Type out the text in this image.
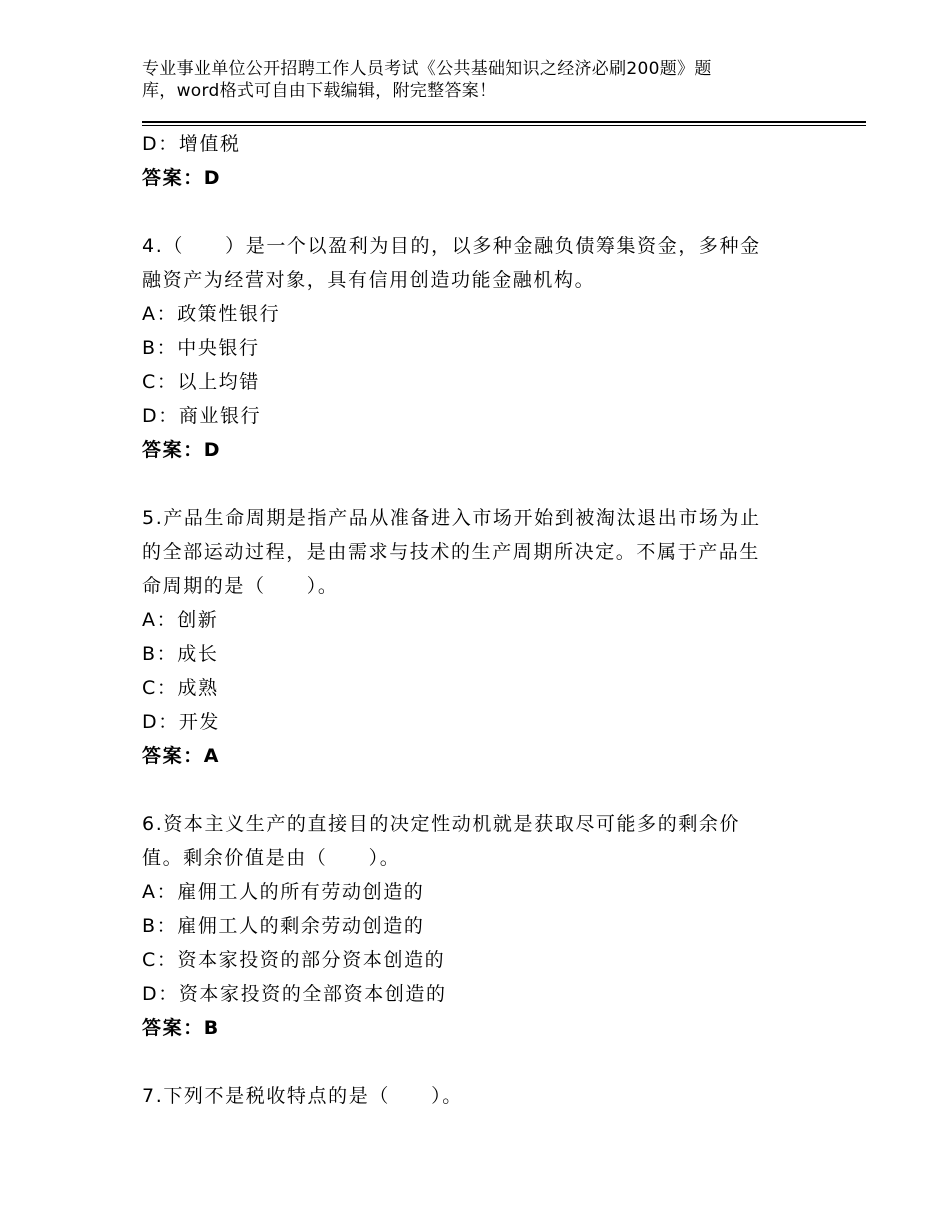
专业事业单位公开招聘工作人员考试《公共基础知识之经济必刷200题》题
库，word格式可自由下载编辑，附完整答案！
D：增值税
答案：D
4.（　　）是一个以盈利为目的，以多种金融负债筹集资金，多种金
融资产为经营对象，具有信用创造功能金融机构。
A：政策性银行
B：中央银行
C：以上均错
D：商业银行
答案：D
5.产品生命周期是指产品从准备进入市场开始到被淘汰退出市场为止
的全部运动过程，是由需求与技术的生产周期所决定。不属于产品生
命周期的是（　　）。
A：创新
B：成长
C：成熟
D：开发
答案：A
6.资本主义生产的直接目的决定性动机就是获取尽可能多的剩余价
值。剩余价值是由（　　）。
A：雇佣工人的所有劳动创造的
B：雇佣工人的剩余劳动创造的
C：资本家投资的部分资本创造的
D：资本家投资的全部资本创造的
答案：B
7.下列不是税收特点的是（　　）。
